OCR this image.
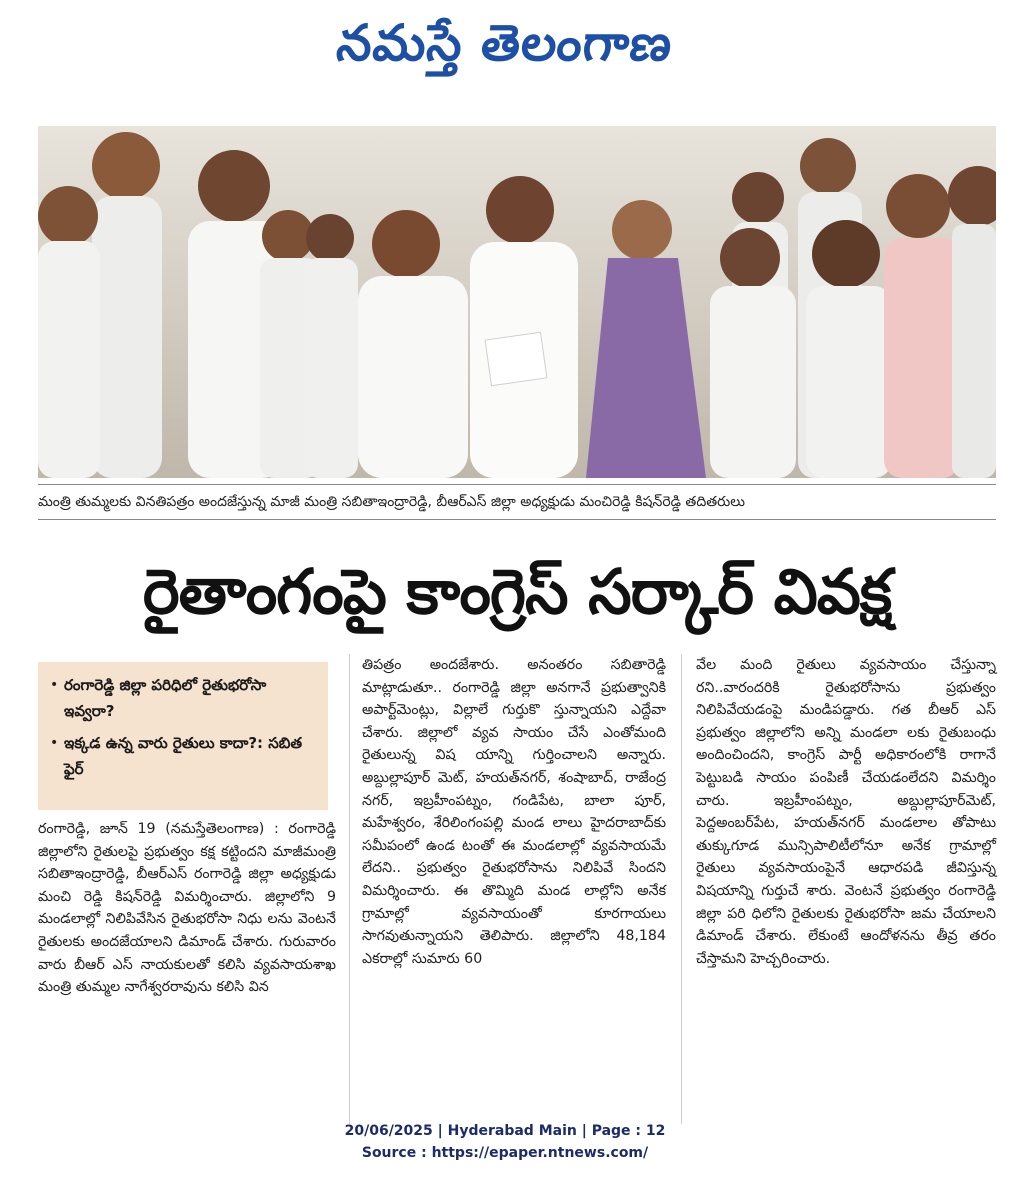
నమస్తే తెలంగాణ
మంత్రి తుమ్మలకు వినతిపత్రం అందజేస్తున్న మాజీ మంత్రి సబితాఇంద్రారెడ్డి, బీఆర్ఎస్ జిల్లా అధ్యక్షుడు మంచిరెడ్డి కిషన్‌రెడ్డి తదితరులు
రైతాంగంపై కాంగ్రెస్ సర్కార్ వివక్ష
• రంగారెడ్డి జిల్లా పరిధిలో రైతుభరోసా ఇవ్వరా?
• ఇక్కడ ఉన్న వారు రైతులు కాదా?: సబిత ఫైర్

రంగారెడ్డి, జూన్ 19 (నమస్తేతెలంగాణ) : రంగారెడ్డి జిల్లాలోని రైతులపై ప్రభుత్వం కక్ష కట్టిందని మాజీమంత్రి సబితాఇంద్రారెడ్డి, బీఆర్ఎస్ రంగారెడ్డి జిల్లా అధ్యక్షుడు మంచి రెడ్డి కిషన్‌రెడ్డి విమర్శించారు. జిల్లాలోని 9 మండలాల్లో నిలిపివేసిన రైతుభరోసా నిధు లను వెంటనే రైతులకు అందజేయాలని డిమాండ్ చేశారు. గురువారం వారు బీఆర్ ఎస్ నాయకులతో కలిసి వ్యవసాయశాఖ మంత్రి తుమ్మల నాగేశ్వరరావును కలిసి విన

తిపత్రం అందజేశారు. అనంతరం సబితారెడ్డి మాట్లాడుతూ.. రంగారెడ్డి జిల్లా అనగానే ప్రభుత్వానికి అపార్ట్‌మెంట్లు, విల్లాలే గుర్తుకొ స్తున్నాయని ఎద్దేవా చేశారు. జిల్లాలో వ్యవ సాయం చేసే ఎంతోమంది రైతులున్న విష యాన్ని గుర్తించాలని అన్నారు. అబ్దుల్లాపూర్ మెట్, హయత్‌నగర్, శంషాబాద్, రాజేంద్ర నగర్, ఇబ్రహీంపట్నం, గండిపేట, బాలా పూర్, మహేశ్వరం, శేరిలింగంపల్లి మండ లాలు హైదరాబాద్‌కు సమీపంలో ఉండ టంతో ఈ మండలాల్లో వ్యవసాయమే లేదని.. ప్రభుత్వం రైతుభరోసాను నిలిపివే సిందని విమర్శించారు. ఈ తొమ్మిది మండ లాల్లోని అనేక గ్రామాల్లో వ్యవసాయంతో కూరగాయలు సాగవుతున్నాయని తెలిపారు. జిల్లాలోని 48,184 ఎకరాల్లో సుమారు 60

వేల మంది రైతులు వ్యవసాయం చేస్తున్నా రని..వారందరికి రైతుభరోసాను ప్రభుత్వం నిలిపివేయడంపై మండిపడ్డారు. గత బీఆర్ ఎస్ ప్రభుత్వం జిల్లాలోని అన్ని మండలా లకు రైతుబంధు అందించిందని, కాంగ్రెస్ పార్టీ అధికారంలోకి రాగానే పెట్టుబడి సాయం పంపిణీ చేయడంలేదని విమర్శిం చారు. ఇబ్రహీంపట్నం, అబ్దుల్లాపూర్‌మెట్, పెద్దఅంబర్‌పేట, హయత్‌నగర్ మండలాల తోపాటు తుక్కుగూడ మున్సిపాలిటీలోనూ అనేక గ్రామాల్లో రైతులు వ్యవసాయంపైనే ఆధారపడి జీవిస్తున్న విషయాన్ని గుర్తుచే శారు. వెంటనే ప్రభుత్వం రంగారెడ్డి జిల్లా పరి ధిలోని రైతులకు రైతుభరోసా జమ చేయాలని డిమాండ్ చేశారు. లేకుంటే ఆందోళనను తీవ్ర తరం చేస్తామని హెచ్చరించారు.

20/06/2025 | Hyderabad Main | Page : 12
Source : https://epaper.ntnews.com/
